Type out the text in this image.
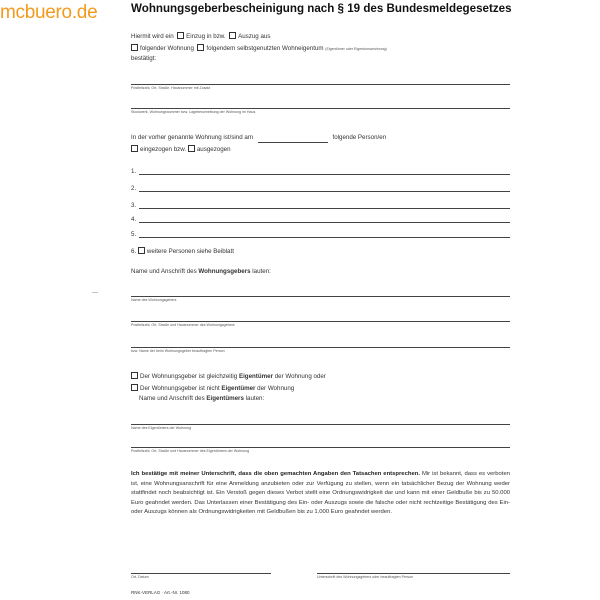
mcbuero.de	Wohnungsgeberbescheinigung nach § 19 des Bundesmeldegesetzes
Hiermit wird ein Einzug in bzw. Auszug aus
folgender Wohnung folgendem selbstgenutzten Wohneigentum (Eigentümer oder Eigentumswohnung)
bestätigt:
Postleitzahl, Ort, Straße, Hausnummer mit Zusatz
Stockwerk, Wohnungsnummer bzw. Lagebeschreibung der Wohnung im Haus
In der vorher genannte Wohnung ist/sind am	folgende Person/en
eingezogen bzw. ausgezogen
1.
2.
3.
4.
5.
6. weitere Personen siehe Beiblatt
Name und Anschrift des Wohnungsgebers lauten:
—
Name des Wohnungsgebers
Postleitzahl, Ort, Straße und Hausnummer des Wohnungsgebers
bzw. Name der beim Wohnungsgeber beauftragten Person
Der Wohnungsgeber ist gleichzeitig Eigentümer der Wohnung oder
Der Wohnungsgeber ist nicht Eigentümer der Wohnung
Name und Anschrift des Eigentümers lauten:
Name des Eigentümers der Wohnung
Postleitzahl, Ort, Straße und Hausnummer des Eigentümers der Wohnung
Ich bestätige mit meiner Unterschrift, dass die oben gemachten Angaben den Tatsachen entsprechen. Mir ist bekannt, dass es verboten ist, eine Wohnungsanschrift für eine Anmeldung anzubieten oder zur Verfügung zu stellen, wenn ein tatsächlicher Bezug der Wohnung weder stattfindet noch beabsichtigt ist. Ein Verstoß gegen dieses Verbot stellt eine Ordnungswidrigkeit dar und kann mit einer Geldbuße bis zu 50.000 Euro geahndet werden. Das Unterlassen einer Bestätigung des Ein- oder Auszugs sowie die falsche oder nicht rechtzeitige Bestätigung des Ein- oder Auszugs können als Ordnungswidrigkeiten mit Geldbußen bis zu 1.000 Euro geahndet werden.
Ort, Datum	Unterschrift des Wohnungsgebers oder beauftragten Person
RNK-VERLAG · Art.-Nr. 1080
